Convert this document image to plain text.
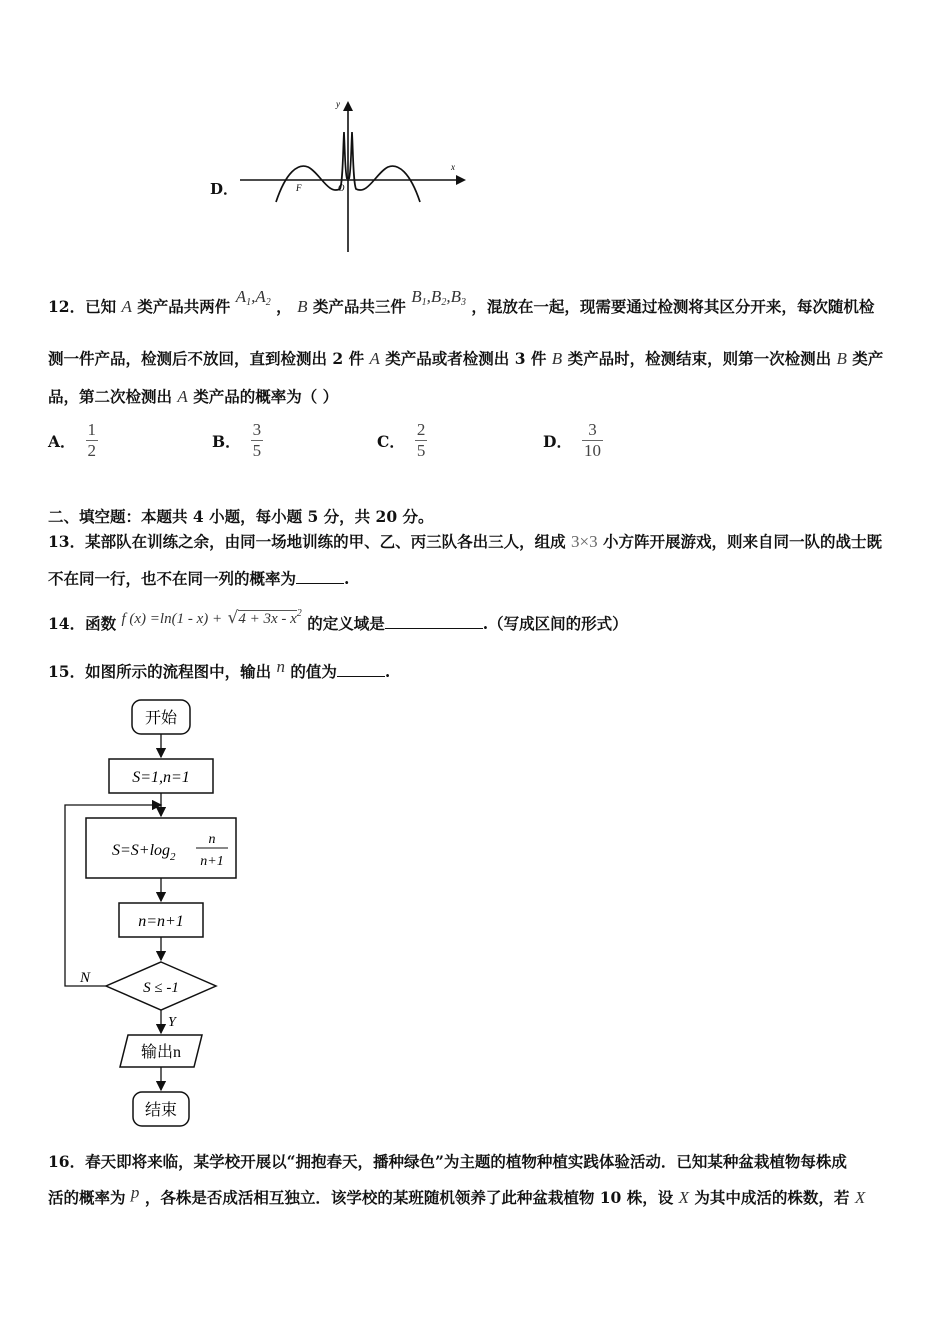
D．
y
x
O
F
12．已知 A 类产品共两件 $A_1,A_2$ ， B 类产品共三件 $B_1,B_2,B_3$ ，混放在一起，现需要通过检测将其区分开来，每次随机检
测一件产品，检测后不放回，直到检测出 2 件 A 类产品或者检测出 3 件 B 类产品时，检测结束，则第一次检测出 B 类产
品，第二次检测出 A 类产品的概率为（ ）
A． $\frac{1}{2}$	B． $\frac{3}{5}$	C． $\frac{2}{5}$	D． $\frac{3}{10}$
二、填空题：本题共 4 小题，每小题 5 分，共 20 分。
13．某部队在训练之余，由同一场地训练的甲、乙、丙三队各出三人，组成 3×3 小方阵开展游戏，则来自同一队的战士既
不在同一行，也不在同一列的概率为	.
14．函数 f $(x) =\ln(1 - x) + √4 + 3x - x^2$ 的定义域是	.（写成区间的形式）
15．如图所示的流程图中，输出 n 的值为	.
开始
S=1,n=1
$S=S+\log_2$
n
n+1
n=n+1
S ≤ -1
N
Y
输出n
结束
16．春天即将来临，某学校开展以“拥抱春天，播种绿色”为主题的植物种植实践体验活动．已知某种盆栽植物每株成
活的概率为 p ，各株是否成活相互独立．该学校的某班随机领养了此种盆栽植物 10 株，设 X 为其中成活的株数，若 X
